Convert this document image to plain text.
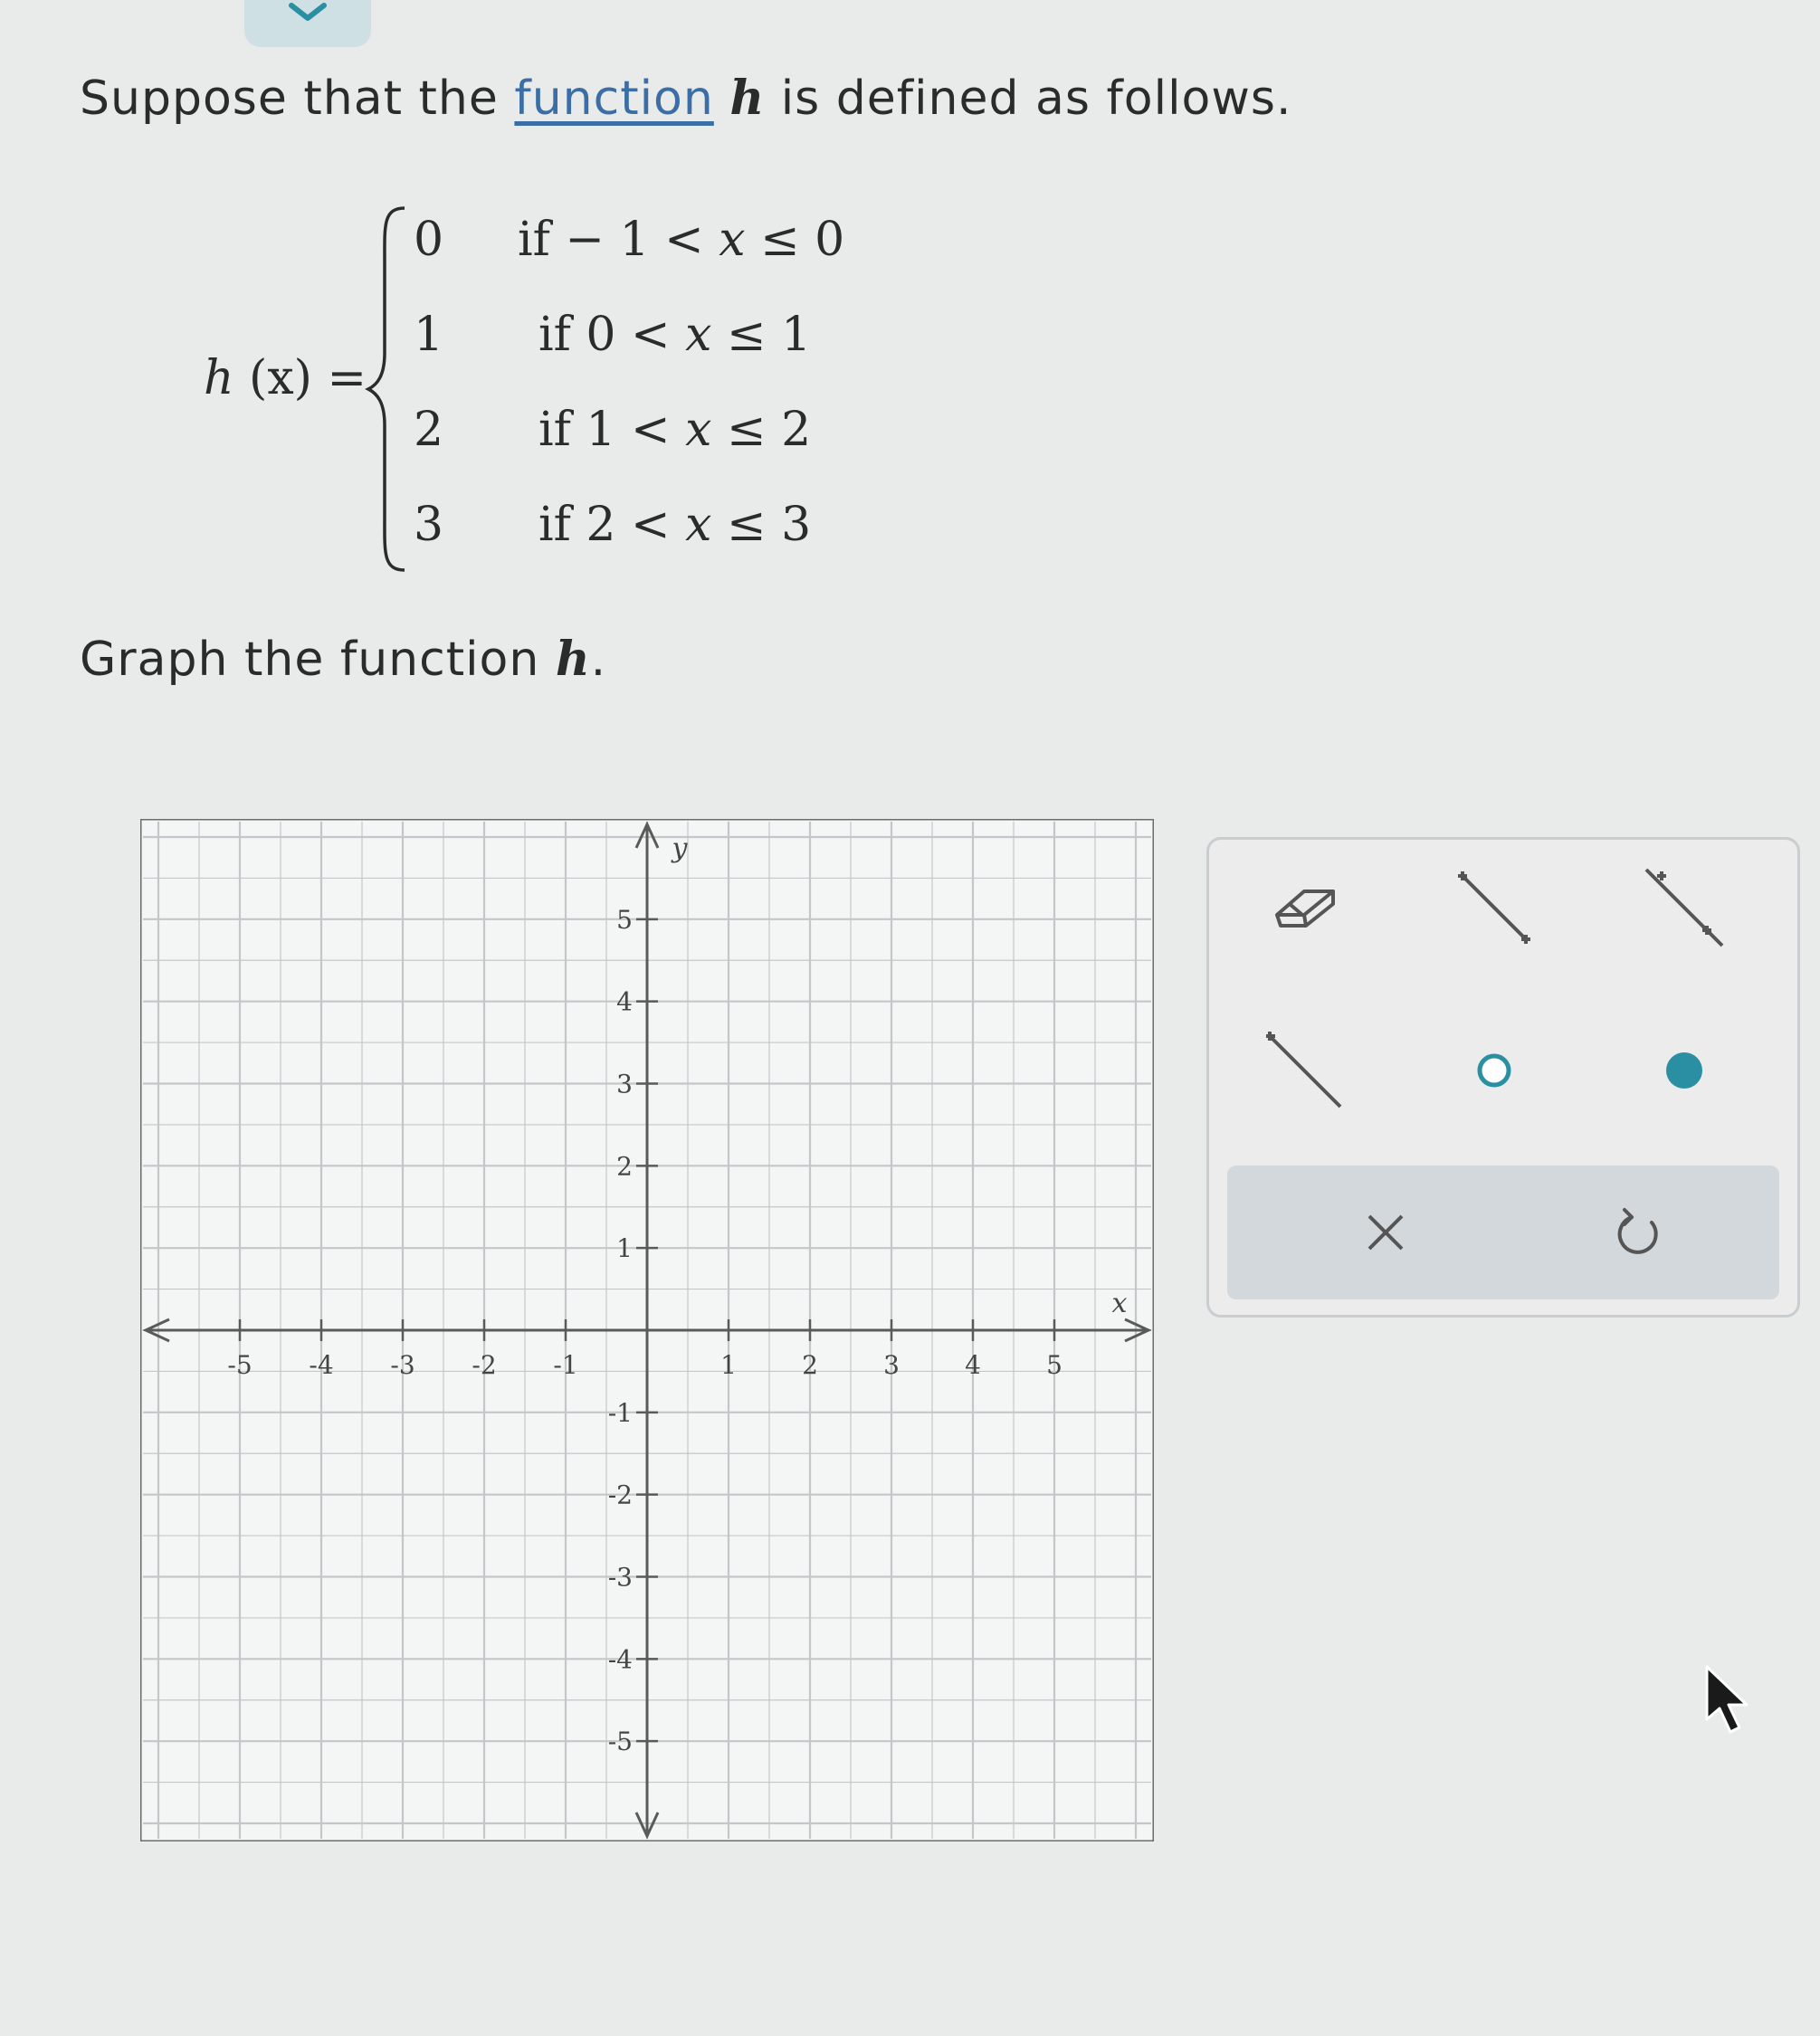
Suppose that the function h is defined as follows.

h (x) =
0 if − 1 < x ≤ 0
1 if 0 < x ≤ 1
2 if 1 < x ≤ 2
3 if 2 < x ≤ 3

Graph the function h.

-5 -4 -3 -2 -1	1	2	3	4	5
-5
-4
-3
-2
-1
1
2
3
4
5
x
y
